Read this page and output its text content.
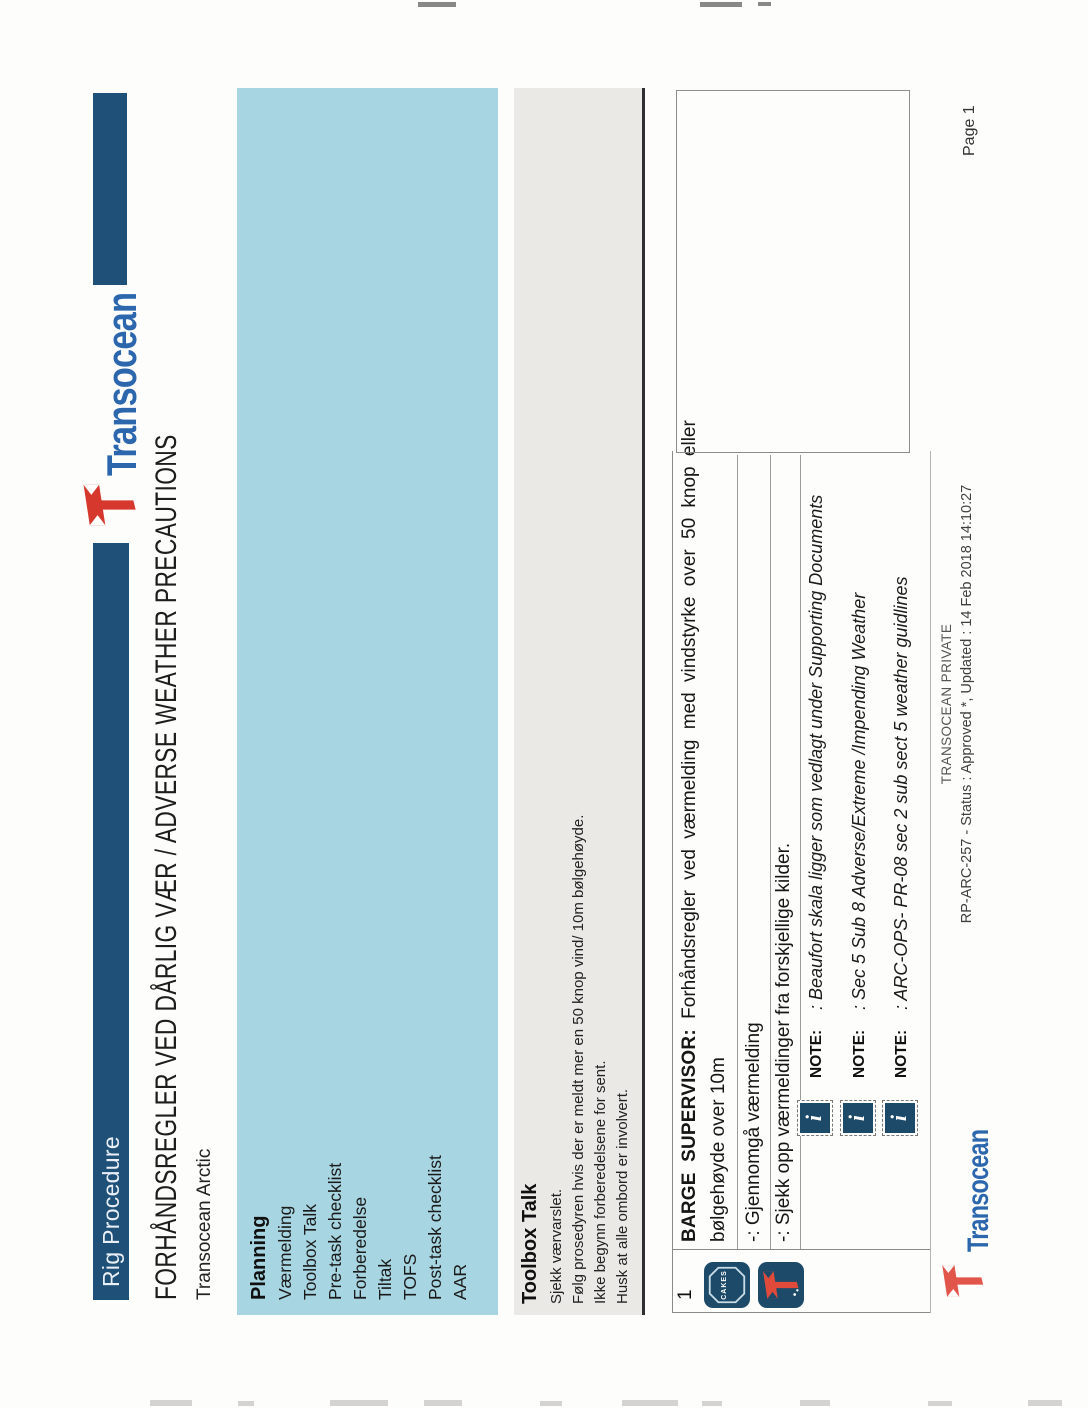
Rig Procedure
Transocean
FORHÅNDSREGLER VED DÅRLIG VÆR / ADVERSE WEATHER PRECAUTIONS Transocean Arctic Planning Værmelding Toolbox Talk Pre-task checklist Forberedelse Tiltak TOFS Post-task checklist AAR Toolbox Talk Sjekk værvarslet. Følg prosedyren hvis der er meldt mer en 50 knop vind/ 10m bølgehøyde. Ikke begynn forberedelsene for sent. Husk at alle ombord er involvert. 1	CAKES
BARGE SUPERVISOR: Forhåndsregler ved værmelding med vindstyrke over 50 knop eller
bølgehøyde over 10m -: Gjennomgå værmelding -: Sjekk opp værmeldinger fra forskjellige kilder. i
NOTE:
: Beaufort skala ligger som vedlagt under Supporting Documents
i
NOTE:
: Sec 5 Sub 8 Adverse/Extreme /Impending Weather
i
NOTE:
: ARC-OPS- PR-08 sec 2 sub sect 5 weather guidlines TRANSOCEAN PRIVATE RP-ARC-257 - Status : Approved *, Updated : 14 Feb 2018 14:10:27
Page 1
Transocean
